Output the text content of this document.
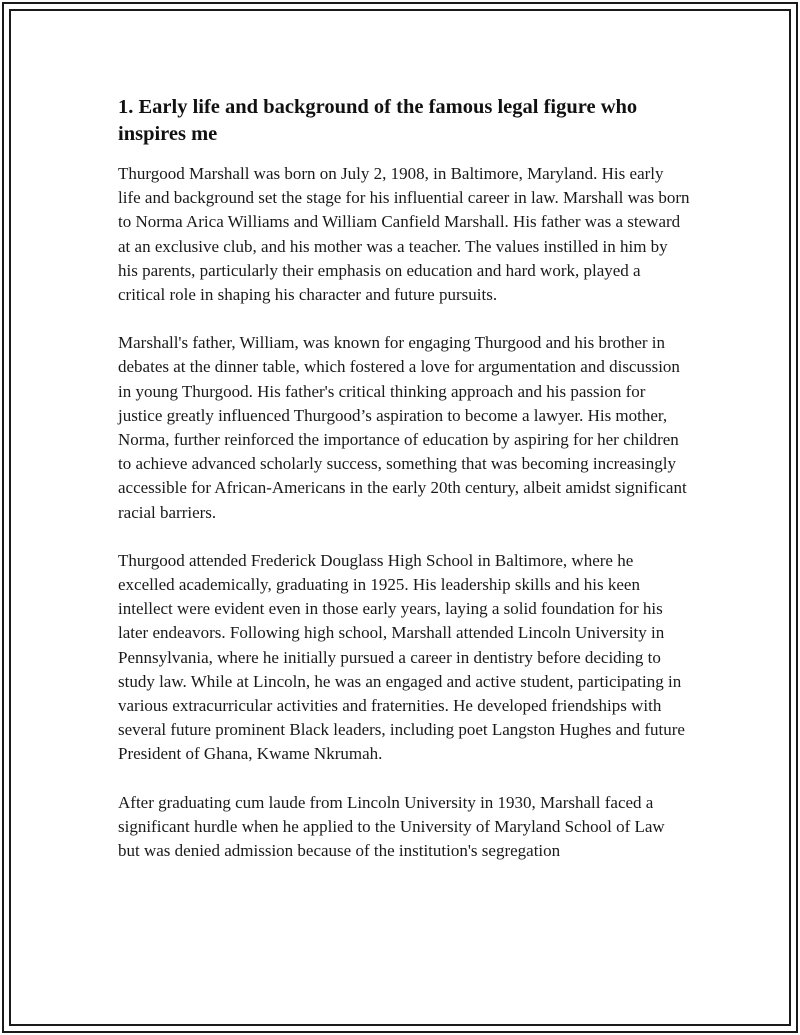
1. Early life and background of the famous legal figure who inspires me

Thurgood Marshall was born on July 2, 1908, in Baltimore, Maryland. His early life and background set the stage for his influential career in law. Marshall was born to Norma Arica Williams and William Canfield Marshall. His father was a steward at an exclusive club, and his mother was a teacher. The values instilled in him by his parents, particularly their emphasis on education and hard work, played a critical role in shaping his character and future pursuits.

Marshall's father, William, was known for engaging Thurgood and his brother in debates at the dinner table, which fostered a love for argumentation and discussion in young Thurgood. His father's critical thinking approach and his passion for justice greatly influenced Thurgood’s aspiration to become a lawyer. His mother, Norma, further reinforced the importance of education by aspiring for her children to achieve advanced scholarly success, something that was becoming increasingly accessible for African-Americans in the early 20th century, albeit amidst significant racial barriers.

Thurgood attended Frederick Douglass High School in Baltimore, where he excelled academically, graduating in 1925. His leadership skills and his keen intellect were evident even in those early years, laying a solid foundation for his later endeavors. Following high school, Marshall attended Lincoln University in Pennsylvania, where he initially pursued a career in dentistry before deciding to study law. While at Lincoln, he was an engaged and active student, participating in various extracurricular activities and fraternities. He developed friendships with several future prominent Black leaders, including poet Langston Hughes and future President of Ghana, Kwame Nkrumah.

After graduating cum laude from Lincoln University in 1930, Marshall faced a significant hurdle when he applied to the University of Maryland School of Law but was denied admission because of the institution's segregation
